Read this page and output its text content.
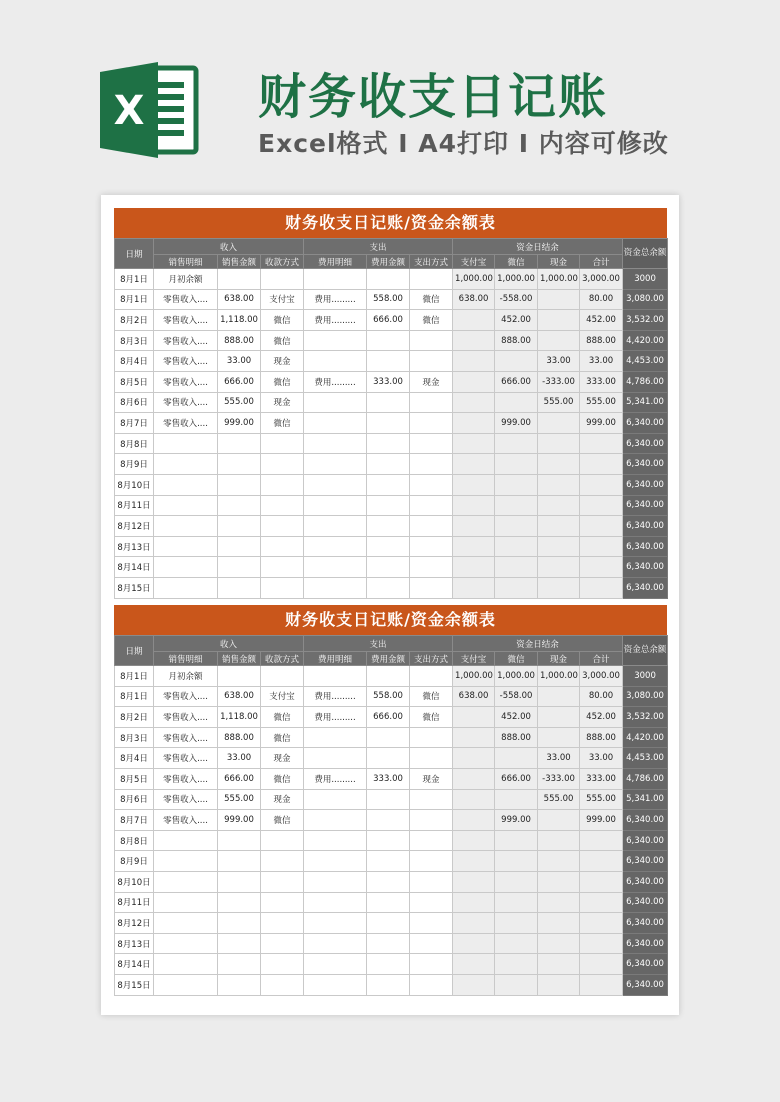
X 财务收支日记账
Excel格式 I A4打印 I 内容可修改
财务收支日记账/资金余额表
日期	收入			支出			资金日结余				资金总余额
	销售明细	销售金额	收款方式	费用明细	费用金额	支出方式	支付宝	微信	现金	合计	
8月1日	月初余额						1,000.00	1,000.00	1,000.00	3,000.00	3000
8月1日	零售收入....	638.00	支付宝	费用.........	558.00	微信	638.00	-558.00		80.00	3,080.00
8月2日	零售收入....	1,118.00	微信	费用.........	666.00	微信		452.00		452.00	3,532.00
8月3日	零售收入....	888.00	微信					888.00		888.00	4,420.00
8月4日	零售收入....	33.00	现金						33.00	33.00	4,453.00
8月5日	零售收入....	666.00	微信	费用.........	333.00	现金		666.00	-333.00	333.00	4,786.00
8月6日	零售收入....	555.00	现金						555.00	555.00	5,341.00
8月7日	零售收入....	999.00	微信					999.00		999.00	6,340.00
8月8日											6,340.00
8月9日											6,340.00
8月10日											6,340.00
8月11日											6,340.00
8月12日											6,340.00
8月13日											6,340.00
8月14日											6,340.00
8月15日											6,340.00
财务收支日记账/资金余额表
日期	收入			支出			资金日结余				资金总余额
	销售明细	销售金额	收款方式	费用明细	费用金额	支出方式	支付宝	微信	现金	合计	
8月1日	月初余额						1,000.00	1,000.00	1,000.00	3,000.00	3000
8月1日	零售收入....	638.00	支付宝	费用.........	558.00	微信	638.00	-558.00		80.00	3,080.00
8月2日	零售收入....	1,118.00	微信	费用.........	666.00	微信		452.00		452.00	3,532.00
8月3日	零售收入....	888.00	微信					888.00		888.00	4,420.00
8月4日	零售收入....	33.00	现金						33.00	33.00	4,453.00
8月5日	零售收入....	666.00	微信	费用.........	333.00	现金		666.00	-333.00	333.00	4,786.00
8月6日	零售收入....	555.00	现金						555.00	555.00	5,341.00
8月7日	零售收入....	999.00	微信					999.00		999.00	6,340.00
8月8日											6,340.00
8月9日											6,340.00
8月10日											6,340.00
8月11日											6,340.00
8月12日											6,340.00
8月13日											6,340.00
8月14日											6,340.00
8月15日											6,340.00
